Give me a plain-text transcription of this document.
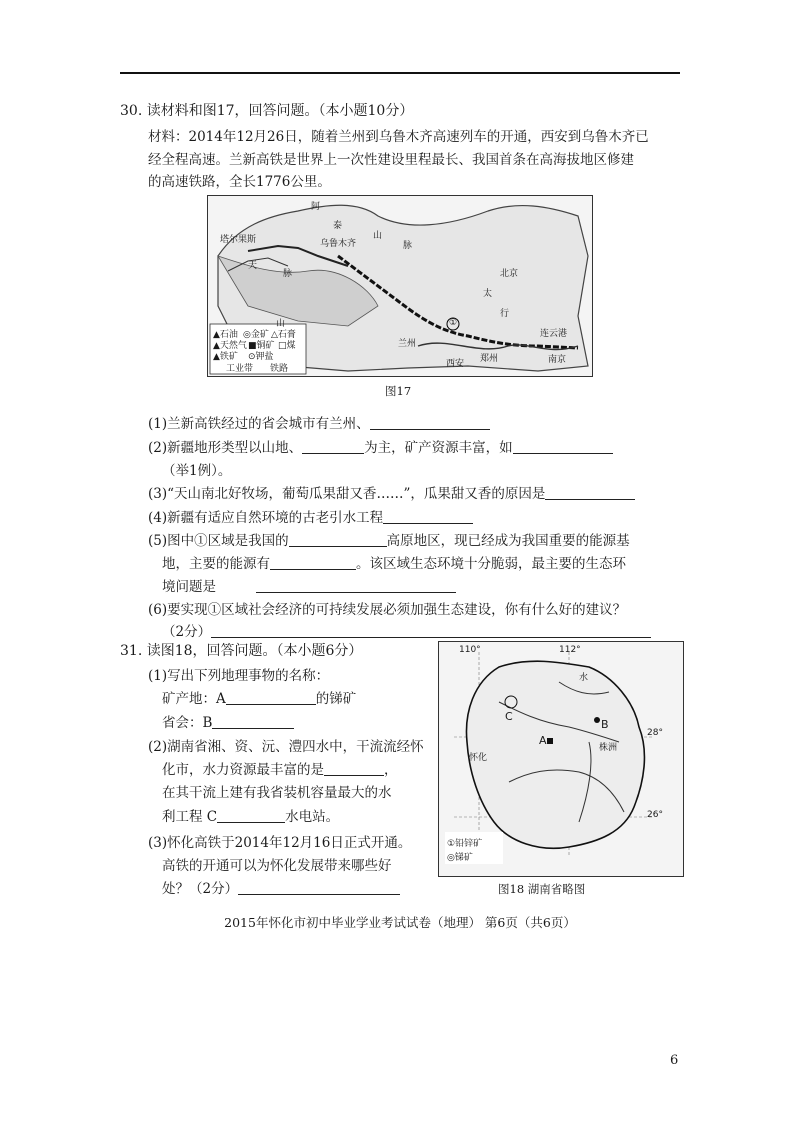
30. 读材料和图17，回答问题。（本小题10分）
材料：2014年12月26日，随着兰州到乌鲁木齐高速列车的开通，西安到乌鲁木齐已
经全程高速。兰新高铁是世界上一次性建设里程最长、我国首条在高海拔地区修建
的高速铁路，全长1776公里。
阿
泰
山
乌鲁木齐	脉
塔尔果斯
天
脉
山
北京
太
①
行
兰州
西安 郑州
连云港
南京
▲石油 ◎金矿 △石膏
▲天然气 ■铜矿 □煤
▲铁矿 ⊙钾盐
工业带 铁路
图17
(1)兰新高铁经过的省会城市有兰州、
(2)新疆地形类型以山地、	为主，矿产资源丰富，如
（举1例）。
(3)“天山南北好牧场，葡萄瓜果甜又香……”，瓜果甜又香的原因是
(4)新疆有适应自然环境的古老引水工程
(5)图中①区域是我国的	高原地区，现已经成为我国重要的能源基
地，主要的能源有	。该区域生态环境十分脆弱，最主要的生态环
境问题是
(6)要实现①区域社会经济的可持续发展必须加强生态建设，你有什么好的建议？
（2分）
31. 读图18，回答问题。（本小题6分）
(1)写出下列地理事物的名称：
矿产地：A	的锑矿
省会：B
(2)湖南省湘、资、沅、澧四水中，干流流经怀
化市，水力资源最丰富的是	，
在其干流上建有我省装机容量最大的水
利工程 C	水电站。
(3)怀化高铁于2014年12月16日正式开通。
高铁的开通可以为怀化发展带来哪些好
处？（2分）
110°	112°
水
A
C
B
株洲
28°
怀化
26°
①铅锌矿
◎锑矿
图18 湖南省略图
2015年怀化市初中毕业学业考试试卷（地理） 第6页（共6页）
6
